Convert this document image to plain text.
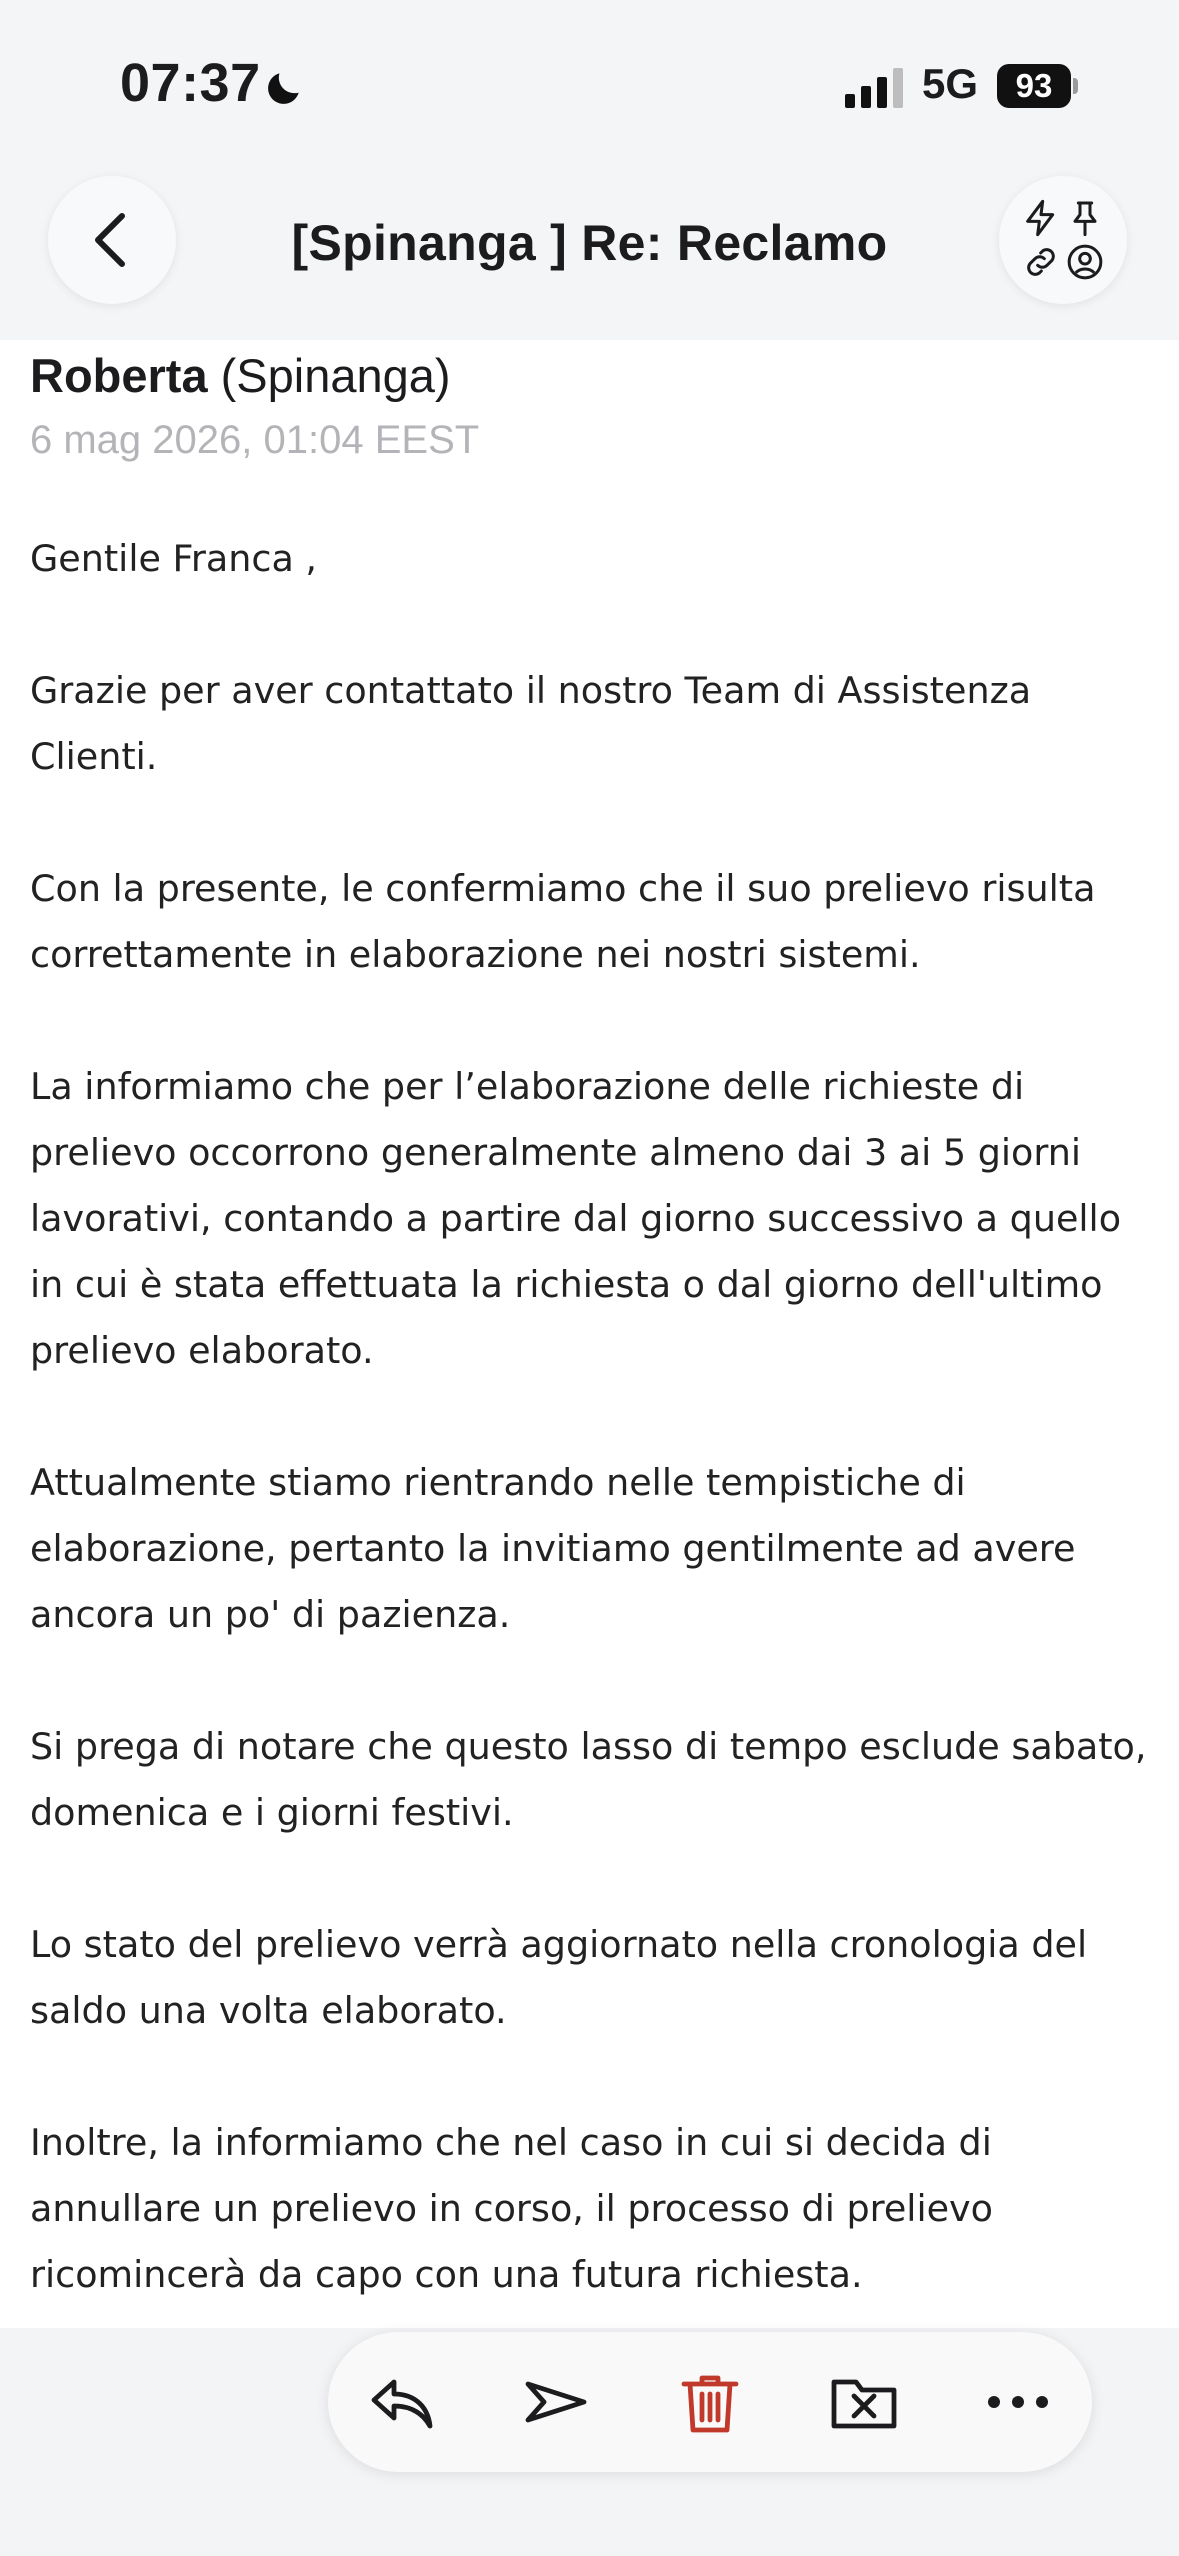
07:37	5G 93
[Spinanga ] Re: Reclamo
Roberta (Spinanga)
6 mag 2026, 01:04 EEST

Gentile Franca ,

Grazie per aver contattato il nostro Team di Assistenza Clienti.

Con la presente, le confermiamo che il suo prelievo risulta correttamente in elaborazione nei nostri sistemi.

La informiamo che per l’elaborazione delle richieste di prelievo occorrono generalmente almeno dai 3 ai 5 giorni lavorativi, contando a partire dal giorno successivo a quello in cui è stata effettuata la richiesta o dal giorno dell'ultimo prelievo elaborato.

Attualmente stiamo rientrando nelle tempistiche di elaborazione, pertanto la invitiamo gentilmente ad avere ancora un po' di pazienza.

Si prega di notare che questo lasso di tempo esclude sabato, domenica e i giorni festivi.

Lo stato del prelievo verrà aggiornato nella cronologia del saldo una volta elaborato.

Inoltre, la informiamo che nel caso in cui si decida di annullare un prelievo in corso, il processo di prelievo ricomincerà da capo con una futura richiesta.
